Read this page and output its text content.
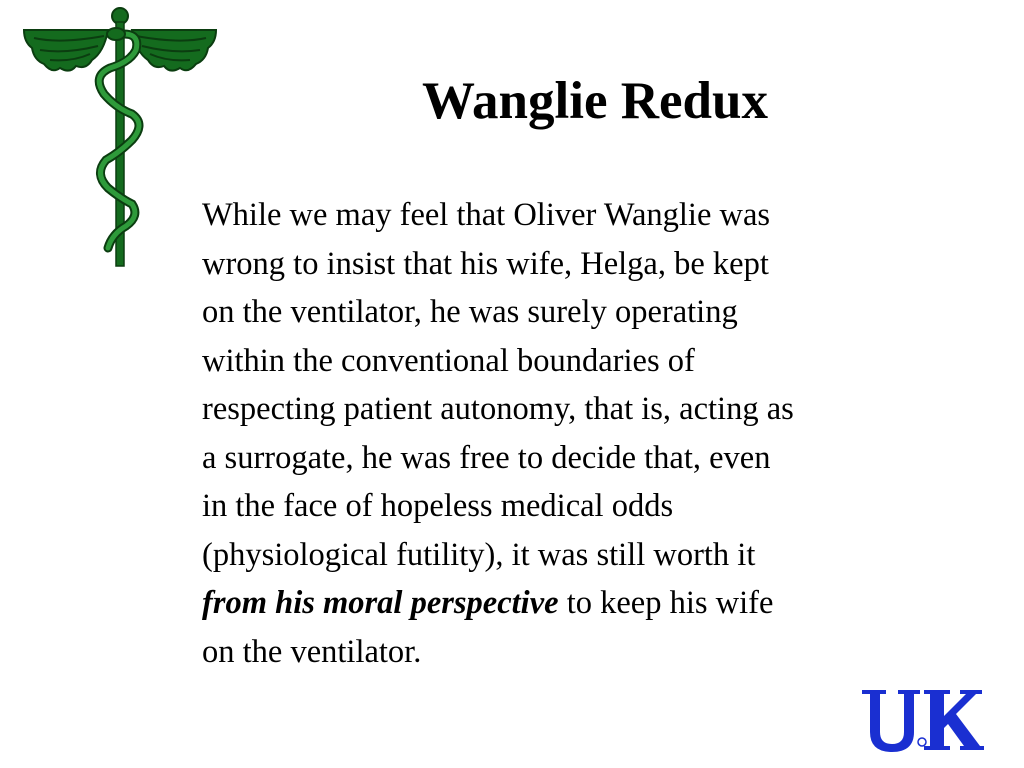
Wanglie Redux

While we may feel that Oliver Wanglie was
wrong to insist that his wife, Helga, be kept
on the ventilator, he was surely operating
within the conventional boundaries of
respecting patient autonomy, that is, acting as
a surrogate, he was free to decide that, even
in the face of hopeless medical odds
(physiological futility), it was still worth it
from his moral perspective to keep his wife
on the ventilator.
